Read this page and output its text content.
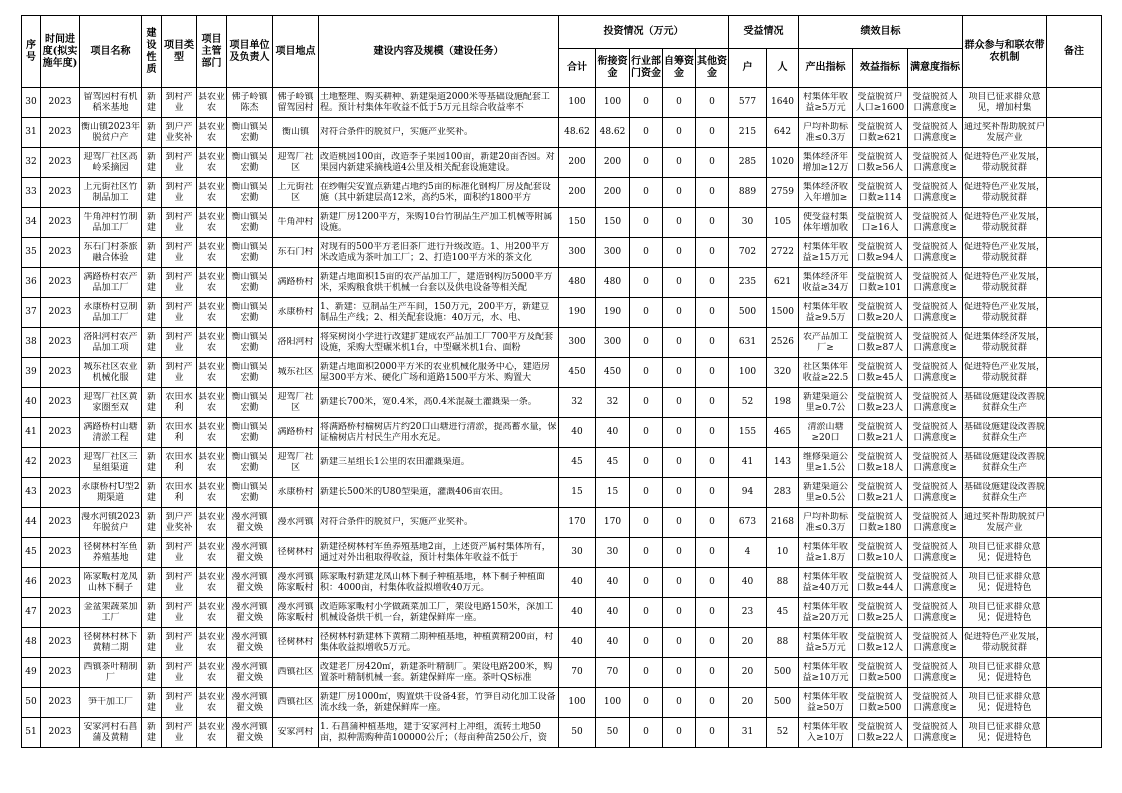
序号	时间进度(拟实施年度)	项目名称	建设性质	项目类型	项目主管部门	项目单位及负责人	项目地点	建设内容及规模（建设任务）	投资情况（万元）					受益情况		绩效目标			群众参与和联农带农机制	备注
									合计	衔接资金	行业部门资金	自筹资金	其他资金	户	人	产出指标	效益指标	满意度指标		

30	2023	留驾园村有机稻米基地	新建	到村产业	县农业农	佛子岭镇陈杰	佛子岭镇留驾园村	土地整理、购买耕种、新建渠道2000米等基础设施配套工程。预计村集体年收益不低于5万元且综合收益率不	100	100	0	0	0	577	1640	村集体年收益≥5万元	受益脱贫户人口≥1600	受益脱贫人口满意度≥	项目已征求群众意见，增加村集	

31	2023	衡山镇2023年脱贫户产	新建	到户产业奖补	县农业农	衡山镇吴宏勤	衡山镇	对符合条件的脱贫户，实施产业奖补。	48.62	48.62	0	0	0	215	642	户均补助标准≤0.3万	受益脱贫人口数≥621	受益脱贫人口满意度≥	通过奖补帮助脱贫户发展产业	

32	2023	迎驾厂社区高岭采摘园	新建	到村产业	县农业农	衡山镇吴宏勤	迎驾厂社区	改造桃园100亩，改造李子果园100亩，新建20亩杏园。对果园内新建采摘栈道4公里及相关配套设施建设。	200	200	0	0	0	285	1020	集体经济年增加≥12万	受益脱贫人口数≥56人	受益脱贫人口满意度≥	促进特色产业发展，带动脱贫群	

33	2023	上元街社区竹制品加工	新建	到村产业	县农业农	衡山镇吴宏勤	上元街社区	在纱帽尖安置点新建占地约5亩的标准化钢构厂房及配套设施（其中新建层高12米，高约5米，面积约1800平方	200	200	0	0	0	889	2759	集体经济收入年增加≥	受益脱贫人口数≥114	受益脱贫人口满意度≥	促进特色产业发展，带动脱贫群	

34	2023	牛角冲村竹制品加工厂	新建	到村产业	县农业农	衡山镇吴宏勤	牛角冲村	新建厂房1200平方，采购10台竹制品生产加工机械等附属设施。	150	150	0	0	0	30	105	使受益村集体年增加收	受益脱贫人口≥16人	受益脱贫人口满意度≥	促进特色产业发展，带动脱贫群	

35	2023	东石门村茶旅融合体验	新建	到村产业	县农业农	衡山镇吴宏勤	东石门村	对现有的500平方老旧茶厂进行升级改造。1、用200平方米改造成为茶叶加工厂；2、打造100平方米的茶文化	300	300	0	0	0	702	2722	村集体年收益≥15万元	受益脱贫人口数≥94人	受益脱贫人口满意度≥	促进特色产业发展，带动脱贫群	

36	2023	满路桥村农产品加工厂	新建	到村产业	县农业农	衡山镇吴宏勤	满路桥村	新建占地面积15亩的农产品加工厂，建造钢构厉5000平方米，采购粮食烘干机械一台套以及供电设备等相关配	480	480	0	0	0	235	621	集体经济年收益≥34万	受益脱贫人口数≥101	受益脱贫人口满意度≥	促进特色产业发展，带动脱贫群	

37	2023	永康桥村豆制品加工厂	新建	到村产业	县农业农	衡山镇吴宏勤	永康桥村	1、新建：豆制品生产车间，150万元，200平方，新建豆制品生产线；2、相关配套设施：40万元，水、电、	190	190	0	0	0	500	1500	村集体年收益≥9.5万	受益脱贫人口数≥20人	受益脱贫人口满意度≥	促进特色产业发展，带动脱贫群	

38	2023	洛阳河村农产品加工项	新建	到村产业	县农业农	衡山镇吴宏勤	洛阳河村	将棠树岗小学进行改建扩建成农产品加工厂700平方及配套设施，采购大型碾米机1台，中型碾米机1台、面粉	300	300	0	0	0	631	2526	农产品加工厂≥	受益脱贫人口数≥87人	受益脱贫人口满意度≥	促进集体经济发展，带动脱贫群	

39	2023	城东社区农业机械化服	新建	到村产业	县农业农	衡山镇吴宏勤	城东社区	新建占地面积2000平方米的农业机械化服务中心，建造房屋300平方米、硬化广场和道路1500平方米、购置大	450	450	0	0	0	100	320	社区集体年收益≥22.5	受益脱贫人口数≥45人	受益脱贫人口满意度≥	促进特色产业发展，带动脱贫群	

40	2023	迎驾厂社区黄家圈至双	新建	农田水利	县农业农	衡山镇吴宏勤	迎驾厂社区	新建长700米，宽0.4米，高0.4米混凝土灌溉渠一条。	32	32	0	0	0	52	198	新建渠道公里≥0.7公	受益脱贫人口数≥23人	受益脱贫人口满意度≥	基础设施建设改善脱贫群众生产	

41	2023	满路桥村山塘清淤工程	新建	农田水利	县农业农	衡山镇吴宏勤	满路桥村	将满路桥村榆树店片约20口山塘进行清淤，提高蓄水量，保证榆树店片村民生产用水充足。	40	40	0	0	0	155	465	清淤山塘≥20口	受益脱贫人口数≥21人	受益脱贫人口满意度≥	基础设施建设改善脱贫群众生产	

42	2023	迎驾厂社区三星组渠道	新建	农田水利	县农业农	衡山镇吴宏勤	迎驾厂社区	新建三星组长1公里的农田灌溉渠道。	45	45	0	0	0	41	143	维修渠道公里≥1.5公	受益脱贫人口数≥18人	受益脱贫人口满意度≥	基础设施建设改善脱贫群众生产	

43	2023	永康桥村U型2期渠道	新建	农田水利	县农业农	衡山镇吴宏勤	永康桥村	新建长500米的U80型渠道，灌溉406亩农田。	15	15	0	0	0	94	283	新建渠道公里≥0.5公	受益脱贫人口数≥21人	受益脱贫人口满意度≥	基础设施建设改善脱贫群众生产	

44	2023	漫水河镇2023年脱贫户	新建	到户产业奖补	县农业农	漫水河镇翟文焕	漫水河镇	对符合条件的脱贫户，实施产业奖补。	170	170	0	0	0	673	2168	户均补助标准≤0.3万	受益脱贫人口数≥180	受益脱贫人口满意度≥	通过奖补帮助脱贫户发展产业	

45	2023	径树林村军鱼养殖基地	新建	到村产业	县农业农	漫水河镇翟文焕	径树林村	新建径树林村军鱼养殖基地2亩，上述资产属村集体所有，通过对外出租取得收益，预计村集体年收益不低于	30	30	0	0	0	4	10	村集体年收益≥1.8万	受益脱贫人口数≥10人	受益脱贫人口满意度≥	项目已征求群众意见；促进特色	

46	2023	陈家畈村龙凤山林下桐子	新建	到村产业	县农业农	漫水河镇翟文焕	漫水河镇陈家畈村	陈家畈村新建龙凤山林下桐子种植基地，林下桐子种植面积：4000亩，村集体收益拟增收40万元。	40	40	0	0	0	40	88	村集体年收益≥40万元	受益脱贫人口数≥44人	受益脱贫人口满意度≥	项目已征求群众意见；促进特色	

47	2023	金盆架蔬菜加工厂	新建	到村产业	县农业农	漫水河镇翟文焕	漫水河镇陈家畈村	改造陈家畈村小学做蔬菜加工厂，架设电路150米，深加工机械设备烘干机一台，新建保鲜库一座。	40	40	0	0	0	23	45	村集体年收益≥20万元	受益脱贫人口数≥25人	受益脱贫人口满意度≥	项目已征求群众意见；促进特色	

48	2023	径树林村林下黄精二期	新建	到村产业	县农业农	漫水河镇翟文焕	径树林村	径树林村新建林下黄精二期种植基地，种植黄精200亩，村集体收益拟增收5万元。	40	40	0	0	0	20	88	村集体年收益≥5万元	受益脱贫人口数≥12人	受益脱贫人口满意度≥	促进特色产业发展，带动脱贫群	

49	2023	西镇茶叶精制厂	新建	到村产业	县农业农	漫水河镇翟文焕	西镇社区	改建老厂房420㎡，新建茶叶精制厂。架设电路200米，购置茶叶精制机械一套。新建保鲜库一座。茶叶QS标准	70	70	0	0	0	20	500	村集体年收益≥10万元	受益脱贫人口数≥500	受益脱贫人口满意度≥	项目已征求群众意见；促进特色	

50	2023	笋干加工厂	新建	到村产业	县农业农	漫水河镇翟文焕	西镇社区	新建厂房1000㎡，购置烘干设备4套，竹笋自动化加工设备流水线一条，新建保鲜库一座。	100	100	0	0	0	20	500	村集体年收益≥50万	受益脱贫人口数≥500	受益脱贫人口满意度≥	项目已征求群众意见；促进特色	

51	2023	安家河村石菖蒲及黄精	新建	到村产业	县农业农	漫水河镇翟文焕	安家河村	1. 石菖蒲种植基地，建于安家河村上冲组，流转土地50亩，拟种需购种苗100000公斤；（每亩种苗250公斤，资	50	50	0	0	0	31	52	村集体年收入≥10万	受益脱贫人口数≥22人	受益脱贫人口满意度≥	项目已征求群众意见；促进特色	
